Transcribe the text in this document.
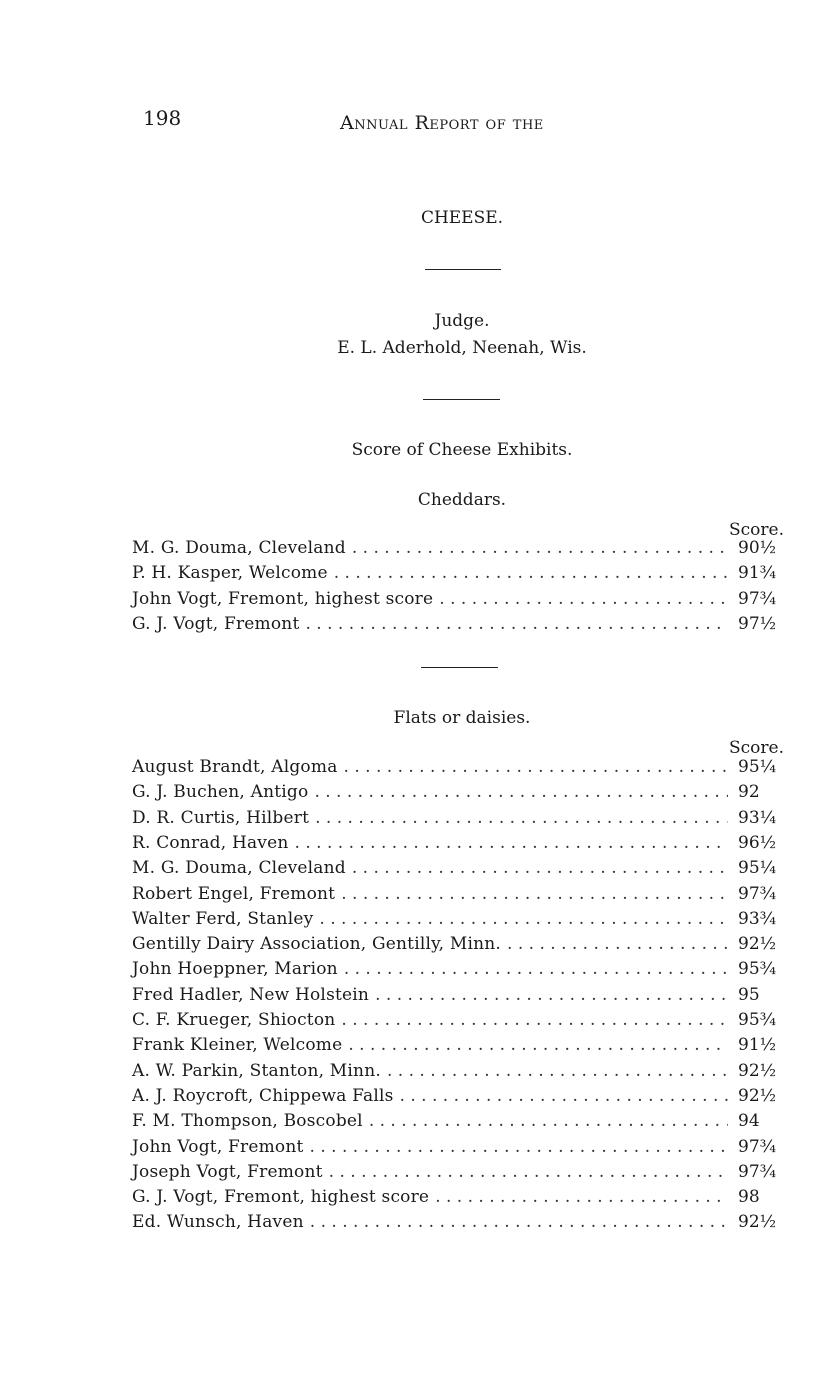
198	Annual Report of the
CHEESE.
Judge.
E. L. Aderhold, Neenah, Wis.
Score of Cheese Exhibits.
Cheddars.
Score.
M. G. Douma, Cleveland . . .	90½
P. H. Kasper, Welcome . . .	91¾
John Vogt, Fremont, highest score . . .	97¾
G. J. Vogt, Fremont . . .	97½
Flats or daisies.
Score.
August Brandt, Algoma . . .	95¼
G. J. Buchen, Antigo . . .	92
D. R. Curtis, Hilbert . . .	93¼
R. Conrad, Haven . . .	96½
M. G. Douma, Cleveland . . .	95¼
Robert Engel, Fremont . . .	97¾
Walter Ferd, Stanley . . .	93¾
Gentilly Dairy Association, Gentilly, Minn. . . .	92½
John Hoeppner, Marion . . .	95¾
Fred Hadler, New Holstein . . .	95
C. F. Krueger, Shiocton . . .	95¾
Frank Kleiner, Welcome . . .	91½
A. W. Parkin, Stanton, Minn. . . .	92½
A. J. Roycroft, Chippewa Falls . . .	92½
F. M. Thompson, Boscobel . . .	94
John Vogt, Fremont . . .	97¾
Joseph Vogt, Fremont . . .	97¾
G. J. Vogt, Fremont, highest score . . .	98
Ed. Wunsch, Haven . . .	92½
